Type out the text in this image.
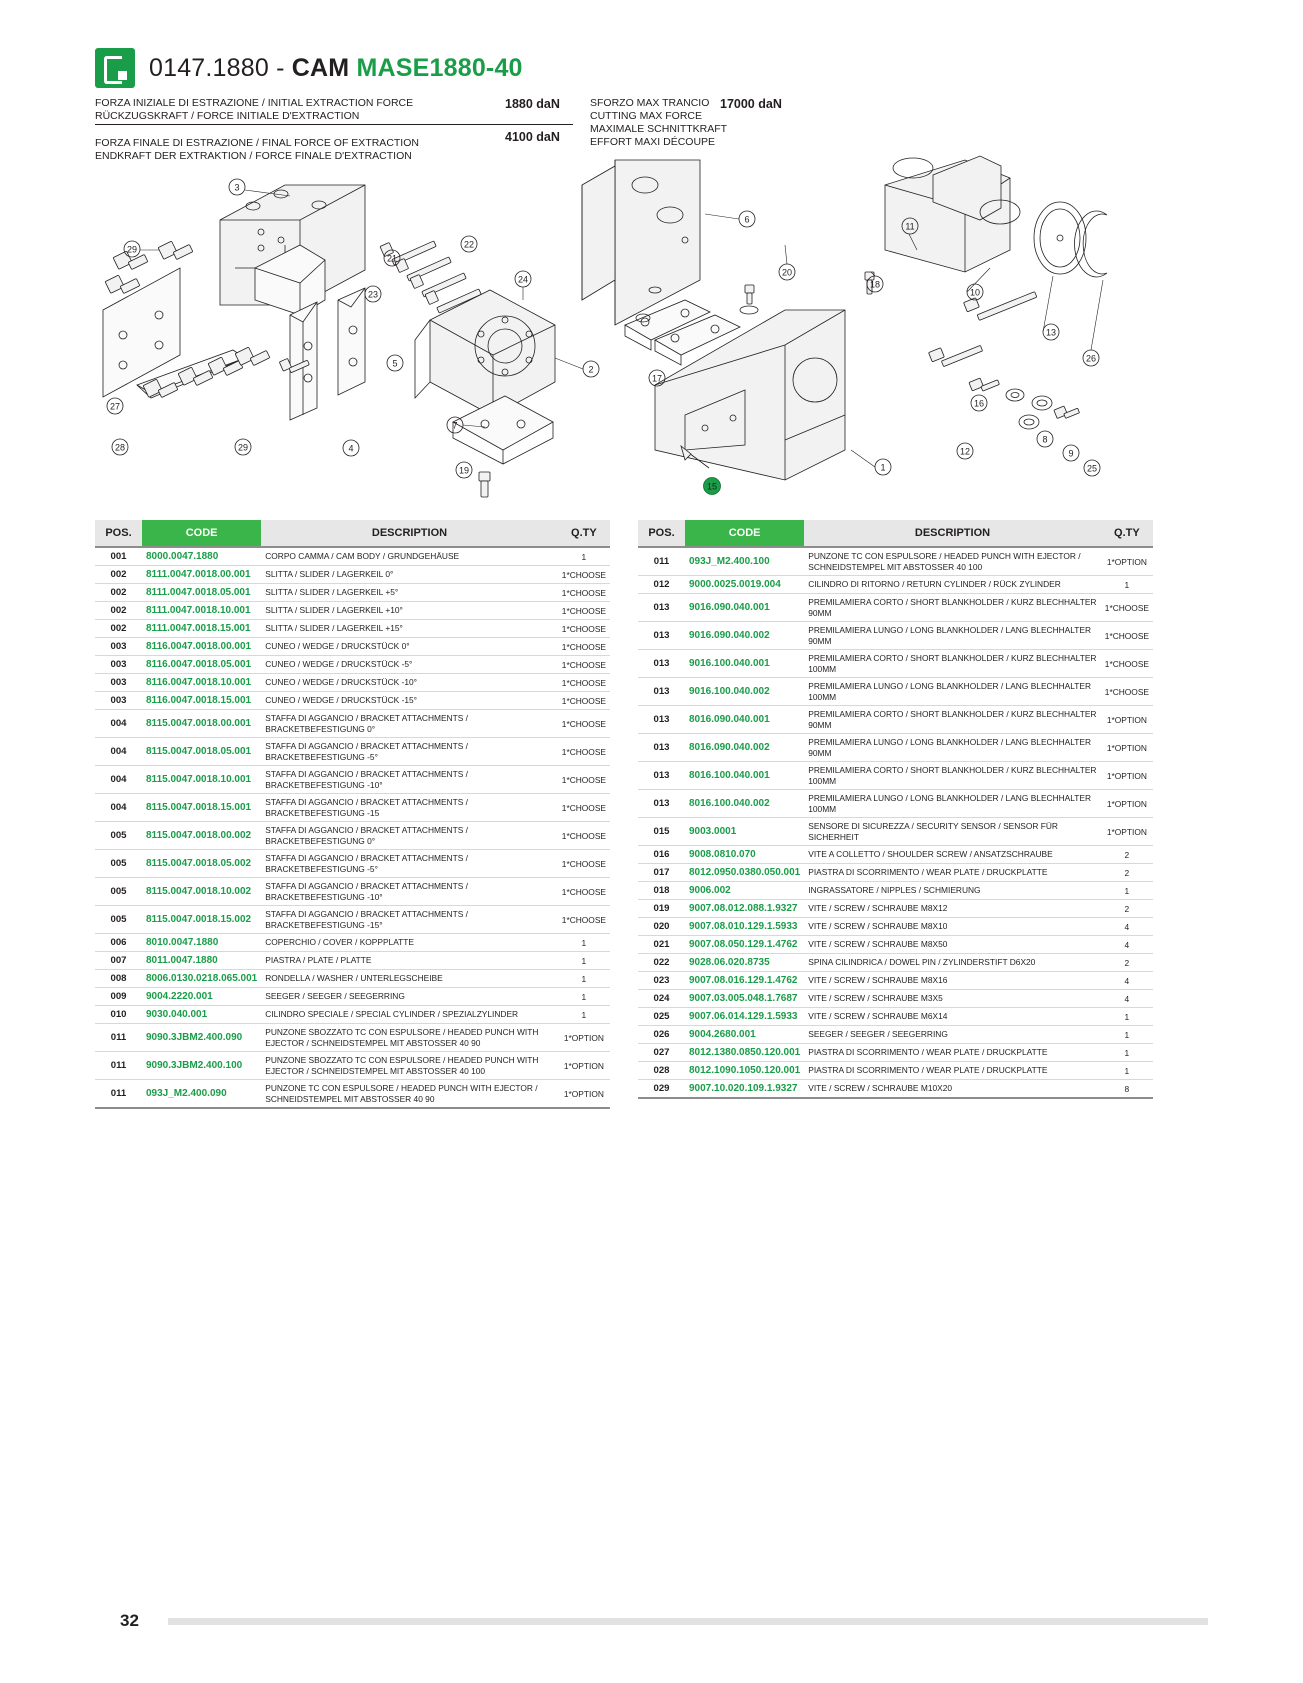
0147.1880 - CAM MASE1880-40
FORZA INIZIALE DI ESTRAZIONE / INITIAL EXTRACTION FORCE
RÜCKZUGSKRAFT / FORCE INITIALE D'EXTRACTION
FORZA FINALE DI ESTRAZIONE / FINAL FORCE OF EXTRACTION
ENDKRAFT DER EXTRAKTION / FORCE FINALE D'EXTRACTION
1880 daN
4100 daN
SFORZO MAX TRANCIO
CUTTING MAX FORCE
MAXIMALE SCHNITTKRAFT
EFFORT MAXI DÉCOUPE
17000 daN
3
29
27
28	29	4
23
5
21
22
24
2
7
19
6
17
20
18
1
11
10
13
26
16
12
8
9
25
15
POS.	CODE	DESCRIPTION	Q.TY
001	8000.0047.1880	CORPO CAMMA / CAM BODY / GRUNDGEHÄUSE	1
002	8111.0047.0018.00.001	SLITTA / SLIDER / LAGERKEIL 0°	1*CHOOSE
002	8111.0047.0018.05.001	SLITTA / SLIDER / LAGERKEIL +5°	1*CHOOSE
002	8111.0047.0018.10.001	SLITTA / SLIDER / LAGERKEIL +10°	1*CHOOSE
002	8111.0047.0018.15.001	SLITTA / SLIDER / LAGERKEIL +15°	1*CHOOSE
003	8116.0047.0018.00.001	CUNEO / WEDGE / DRUCKSTÜCK 0°	1*CHOOSE
003	8116.0047.0018.05.001	CUNEO / WEDGE / DRUCKSTÜCK -5°	1*CHOOSE
003	8116.0047.0018.10.001	CUNEO / WEDGE / DRUCKSTÜCK -10°	1*CHOOSE
003	8116.0047.0018.15.001	CUNEO / WEDGE / DRUCKSTÜCK -15°	1*CHOOSE
004	8115.0047.0018.00.001	STAFFA DI AGGANCIO / BRACKET ATTACHMENTS / BRACKETBEFESTIGUNG 0°	1*CHOOSE
004	8115.0047.0018.05.001	STAFFA DI AGGANCIO / BRACKET ATTACHMENTS / BRACKETBEFESTIGUNG -5°	1*CHOOSE
004	8115.0047.0018.10.001	STAFFA DI AGGANCIO / BRACKET ATTACHMENTS / BRACKETBEFESTIGUNG -10°	1*CHOOSE
004	8115.0047.0018.15.001	STAFFA DI AGGANCIO / BRACKET ATTACHMENTS / BRACKETBEFESTIGUNG -15	1*CHOOSE
005	8115.0047.0018.00.002	STAFFA DI AGGANCIO / BRACKET ATTACHMENTS / BRACKETBEFESTIGUNG 0°	1*CHOOSE
005	8115.0047.0018.05.002	STAFFA DI AGGANCIO / BRACKET ATTACHMENTS / BRACKETBEFESTIGUNG -5°	1*CHOOSE
005	8115.0047.0018.10.002	STAFFA DI AGGANCIO / BRACKET ATTACHMENTS / BRACKETBEFESTIGUNG -10°	1*CHOOSE
005	8115.0047.0018.15.002	STAFFA DI AGGANCIO / BRACKET ATTACHMENTS / BRACKETBEFESTIGUNG -15°	1*CHOOSE
006	8010.0047.1880	COPERCHIO / COVER / KOPPPLATTE	1
007	8011.0047.1880	PIASTRA / PLATE / PLATTE	1
008	8006.0130.0218.065.001	RONDELLA / WASHER / UNTERLEGSCHEIBE	1
009	9004.2220.001	SEEGER / SEEGER / SEEGERRING	1
010	9030.040.001	CILINDRO SPECIALE / SPECIAL CYLINDER / SPEZIALZYLINDER	1
011	9090.3JBM2.400.090	PUNZONE SBOZZATO TC CON ESPULSORE / HEADED PUNCH WITH EJECTOR / SCHNEIDSTEMPEL MIT ABSTOSSER 40 90	1*OPTION
011	9090.3JBM2.400.100	PUNZONE SBOZZATO TC CON ESPULSORE / HEADED PUNCH WITH EJECTOR / SCHNEIDSTEMPEL MIT ABSTOSSER 40 100	1*OPTION
011	093J_M2.400.090	PUNZONE TC CON ESPULSORE / HEADED PUNCH WITH EJECTOR / SCHNEIDSTEMPEL MIT ABSTOSSER 40 90	1*OPTION
POS.	CODE	DESCRIPTION	Q.TY
011	093J_M2.400.100	PUNZONE TC CON ESPULSORE / HEADED PUNCH WITH EJECTOR / SCHNEIDSTEMPEL MIT ABSTOSSER 40 100	1*OPTION
012	9000.0025.0019.004	CILINDRO DI RITORNO / RETURN CYLINDER / RÜCK ZYLINDER	1
013	9016.090.040.001	PREMILAMIERA CORTO / SHORT BLANKHOLDER / KURZ BLECHHALTER 90MM	1*CHOOSE
013	9016.090.040.002	PREMILAMIERA LUNGO / LONG BLANKHOLDER / LANG BLECHHALTER 90MM	1*CHOOSE
013	9016.100.040.001	PREMILAMIERA CORTO / SHORT BLANKHOLDER / KURZ BLECHHALTER 100MM	1*CHOOSE
013	9016.100.040.002	PREMILAMIERA LUNGO / LONG BLANKHOLDER / LANG BLECHHALTER 100MM	1*CHOOSE
013	8016.090.040.001	PREMILAMIERA CORTO / SHORT BLANKHOLDER / KURZ BLECHHALTER 90MM	1*OPTION
013	8016.090.040.002	PREMILAMIERA LUNGO / LONG BLANKHOLDER / LANG BLECHHALTER 90MM	1*OPTION
013	8016.100.040.001	PREMILAMIERA CORTO / SHORT BLANKHOLDER / KURZ BLECHHALTER 100MM	1*OPTION
013	8016.100.040.002	PREMILAMIERA LUNGO / LONG BLANKHOLDER / LANG BLECHHALTER 100MM	1*OPTION
015	9003.0001	SENSORE DI SICUREZZA / SECURITY SENSOR / SENSOR FÜR SICHERHEIT	1*OPTION
016	9008.0810.070	VITE A COLLETTO / SHOULDER SCREW / ANSATZSCHRAUBE	2
017	8012.0950.0380.050.001	PIASTRA DI SCORRIMENTO / WEAR PLATE / DRUCKPLATTE	2
018	9006.002	INGRASSATORE / NIPPLES / SCHMIERUNG	1
019	9007.08.012.088.1.9327	VITE / SCREW / SCHRAUBE M8X12	2
020	9007.08.010.129.1.5933	VITE / SCREW / SCHRAUBE M8X10	4
021	9007.08.050.129.1.4762	VITE / SCREW / SCHRAUBE M8X50	4
022	9028.06.020.8735	SPINA CILINDRICA / DOWEL PIN / ZYLINDERSTIFT D6X20	2
023	9007.08.016.129.1.4762	VITE / SCREW / SCHRAUBE M8X16	4
024	9007.03.005.048.1.7687	VITE / SCREW / SCHRAUBE M3X5	4
025	9007.06.014.129.1.5933	VITE / SCREW / SCHRAUBE M6X14	1
026	9004.2680.001	SEEGER / SEEGER / SEEGERRING	1
027	8012.1380.0850.120.001	PIASTRA DI SCORRIMENTO / WEAR PLATE / DRUCKPLATTE	1
028	8012.1090.1050.120.001	PIASTRA DI SCORRIMENTO / WEAR PLATE / DRUCKPLATTE	1
029	9007.10.020.109.1.9327	VITE / SCREW / SCHRAUBE M10X20	8
32
